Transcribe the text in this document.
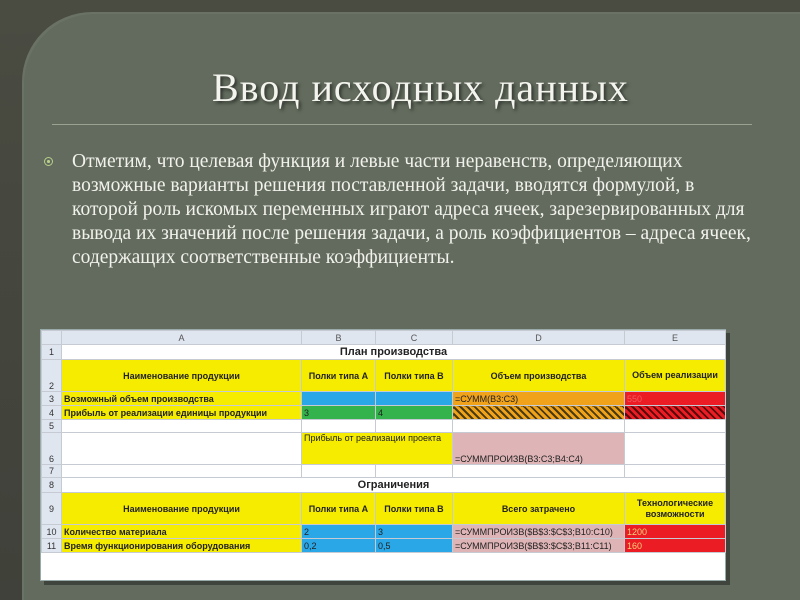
Ввод исходных данных

Отметим, что целевая функция и левые части неравенств, определяющих возможные варианты решения поставленной задачи, вводятся формулой, в которой роль искомых переменных играют адреса ячеек, зарезервированных для вывода их значений после решения задачи, а роль коэффициентов – адреса ячеек, содержащих соответственные коэффициенты.

	A	B	C	D	E
1	План производства				
2	Наименование продукции	Полки типа А	Полки типа В	Объем производства	Объем реализации
3	Возможный объем производства			=СУММ(B3:C3)	550
4	Прибыль от реализации единицы продукции	3	4		
5					
6		Прибыль от реализации проекта		=СУММПРОИЗВ(B3:C3;B4:C4)	
7					
8	Ограничения				
9	Наименование продукции	Полки типа А	Полки типа В	Всего затрачено	Технологические возможности
10	Количество материала	2	3	=СУММПРОИЗВ($B$3:$C$3;B10:C10)	1200
11	Время функционирования оборудования	0,2	0,5	=СУММПРОИЗВ($B$3:$C$3;B11:C11)	160
